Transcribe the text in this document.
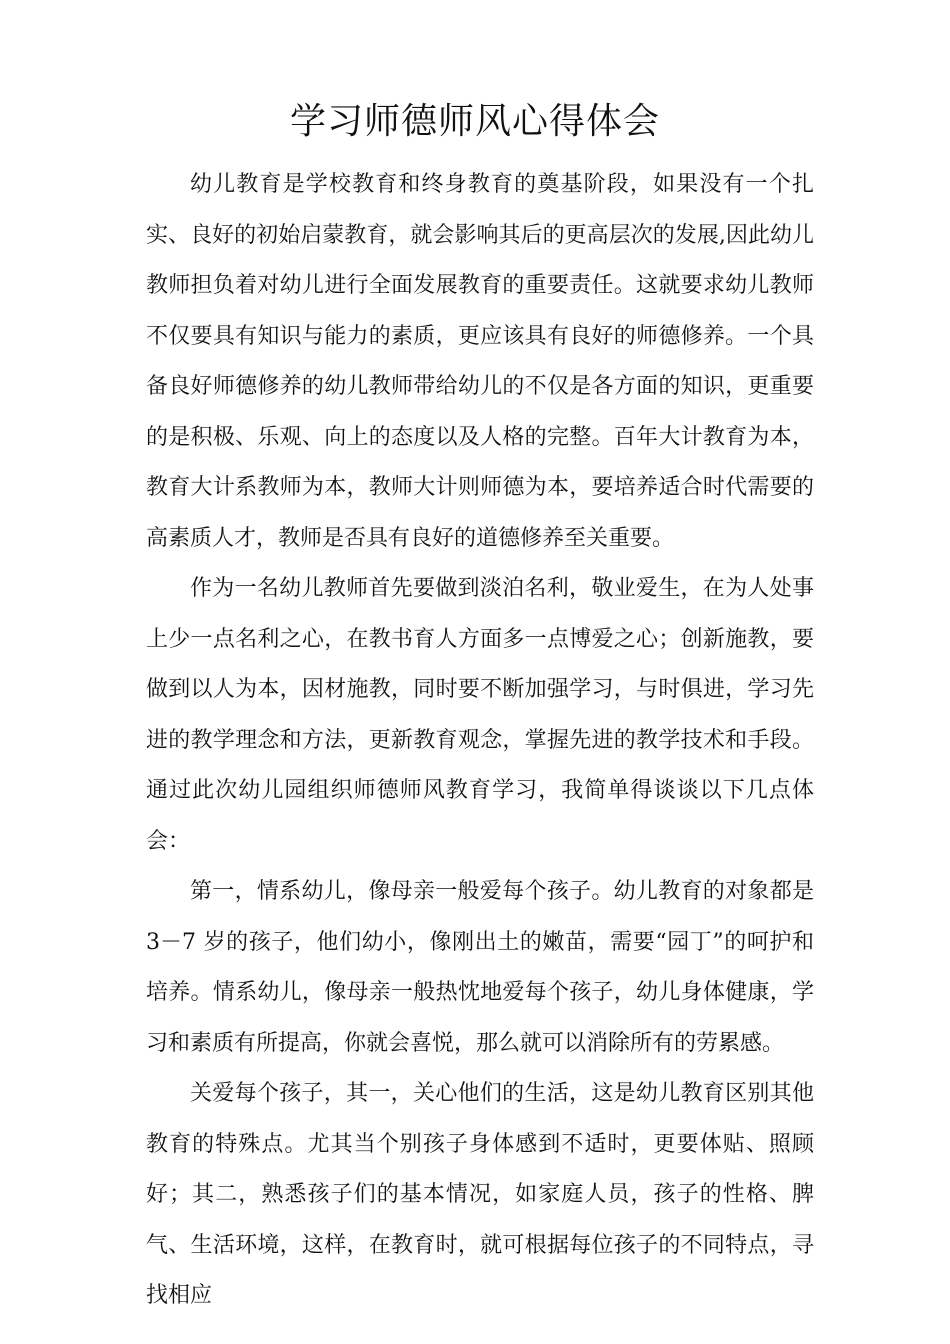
学习师德师风心得体会

幼儿教育是学校教育和终身教育的奠基阶段，如果没有一个扎实、良好的初始启蒙教育，就会影响其后的更高层次的发展,因此幼儿教师担负着对幼儿进行全面发展教育的重要责任。这就要求幼儿教师不仅要具有知识与能力的素质，更应该具有良好的师德修养。一个具备良好师德修养的幼儿教师带给幼儿的不仅是各方面的知识，更重要的是积极、乐观、向上的态度以及人格的完整。百年大计教育为本，教育大计系教师为本，教师大计则师德为本，要培养适合时代需要的高素质人才，教师是否具有良好的道德修养至关重要。

作为一名幼儿教师首先要做到淡泊名利，敬业爱生，在为人处事上少一点名利之心，在教书育人方面多一点博爱之心；创新施教，要做到以人为本，因材施教，同时要不断加强学习，与时俱进，学习先进的教学理念和方法，更新教育观念，掌握先进的教学技术和手段。通过此次幼儿园组织师德师风教育学习，我简单得谈谈以下几点体会：

第一，情系幼儿，像母亲一般爱每个孩子。幼儿教育的对象都是3－7 岁的孩子，他们幼小，像刚出土的嫩苗，需要“园丁”的呵护和培养。情系幼儿，像母亲一般热忱地爱每个孩子，幼儿身体健康，学习和素质有所提高，你就会喜悦，那么就可以消除所有的劳累感。

关爱每个孩子，其一，关心他们的生活，这是幼儿教育区别其他教育的特殊点。尤其当个别孩子身体感到不适时，更要体贴、照顾好；其二，熟悉孩子们的基本情况，如家庭人员，孩子的性格、脾气、生活环境，这样，在教育时，就可根据每位孩子的不同特点，寻找相应
